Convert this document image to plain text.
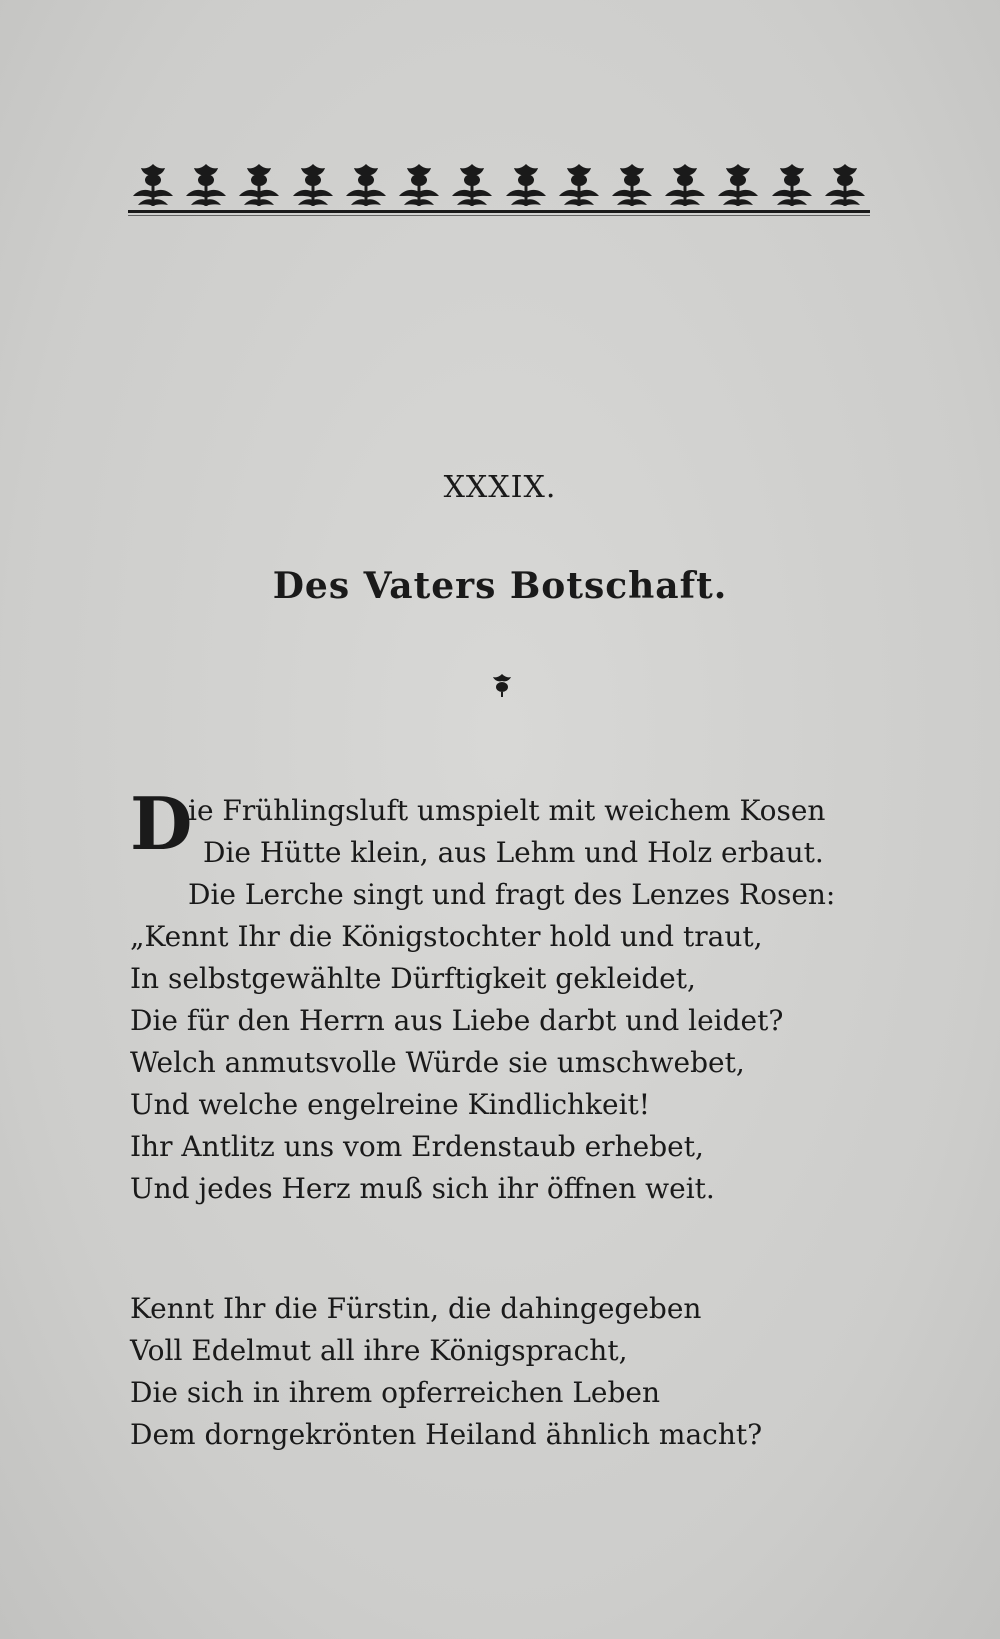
XXXIX.
Des Vaters Botschaft.
D
ie Frühlingsluft umspielt mit weichem Kosen
Die Hütte klein, aus Lehm und Holz erbaut.
Die Lerche singt und fragt des Lenzes Rosen:
„Kennt Ihr die Königstochter hold und traut,
In selbstgewählte Dürftigkeit gekleidet,
Die für den Herrn aus Liebe darbt und leidet?
Welch anmutsvolle Würde sie umschwebet,
Und welche engelreine Kindlichkeit!
Ihr Antlitz uns vom Erdenstaub erhebet,
Und jedes Herz muß sich ihr öffnen weit.
Kennt Ihr die Fürstin, die dahingegeben
Voll Edelmut all ihre Königspracht,
Die sich in ihrem opferreichen Leben
Dem dorngekrönten Heiland ähnlich macht?
